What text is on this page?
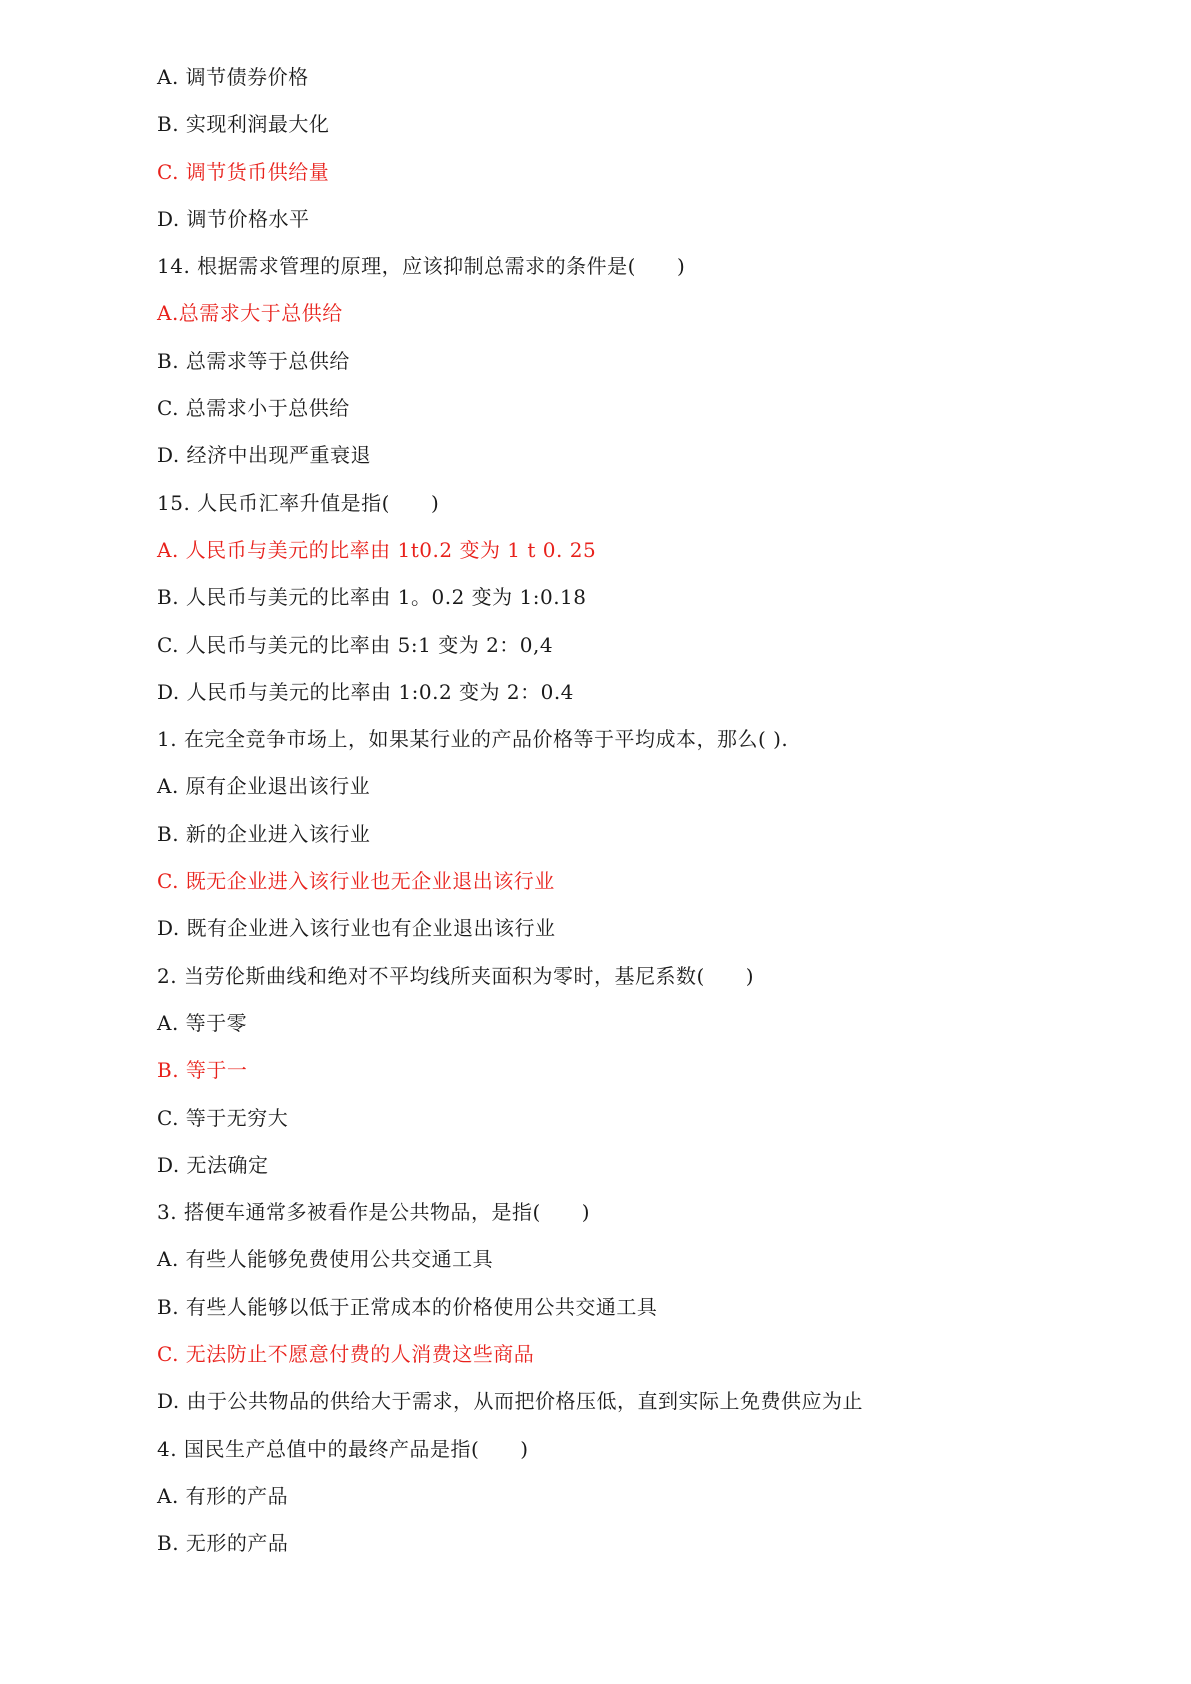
A. 调节债券价格
B. 实现利润最大化
C. 调节货币供给量
D. 调节价格水平
14. 根据需求管理的原理，应该抑制总需求的条件是(　　)
A.总需求大于总供给
B. 总需求等于总供给
C. 总需求小于总供给
D. 经济中出现严重衰退
15. 人民币汇率升值是指(　　)
A. 人民币与美元的比率由 1t0.2 变为 1 t 0. 25
B. 人民币与美元的比率由 1。0.2 变为 1:0.18
C. 人民币与美元的比率由 5:1 变为 2：0,4
D. 人民币与美元的比率由 1:0.2 变为 2：0.4
1. 在完全竞争市场上，如果某行业的产品价格等于平均成本，那么( ).
A. 原有企业退出该行业
B. 新的企业进入该行业
C. 既无企业进入该行业也无企业退出该行业
D. 既有企业进入该行业也有企业退出该行业
2. 当劳伦斯曲线和绝对不平均线所夹面积为零时，基尼系数(　　)
A. 等于零
B. 等于一
C. 等于无穷大
D. 无法确定
3. 搭便车通常多被看作是公共物品，是指(　　)
A. 有些人能够免费使用公共交通工具
B. 有些人能够以低于正常成本的价格使用公共交通工具
C. 无法防止不愿意付费的人消费这些商品
D. 由于公共物品的供给大于需求，从而把价格压低，直到实际上免费供应为止
4. 国民生产总值中的最终产品是指(　　)
A. 有形的产品
B. 无形的产品
